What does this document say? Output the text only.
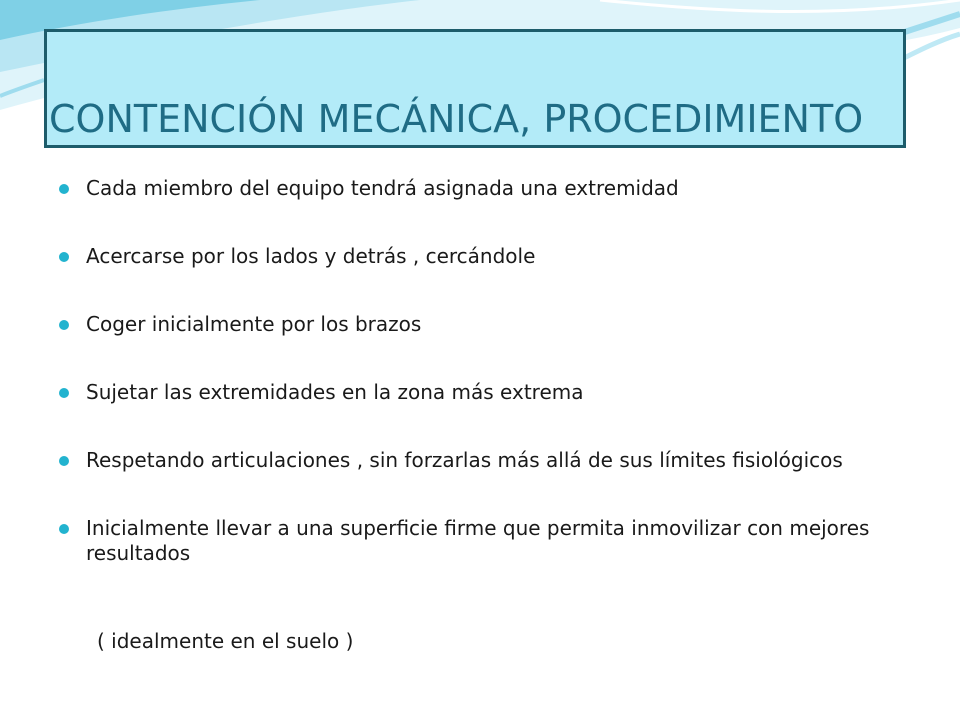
CONTENCIÓN MECÁNICA, PROCEDIMIENTO
Cada miembro del equipo tendrá asignada una extremidad
Acercarse por los lados y detrás , cercándole
Coger inicialmente por los brazos
Sujetar las extremidades en la zona más extrema
Respetando articulaciones , sin forzarlas más allá de sus límites fisiológicos
Inicialmente llevar a una superficie firme que permita inmovilizar con mejores resultados

( idealmente en el suelo )
